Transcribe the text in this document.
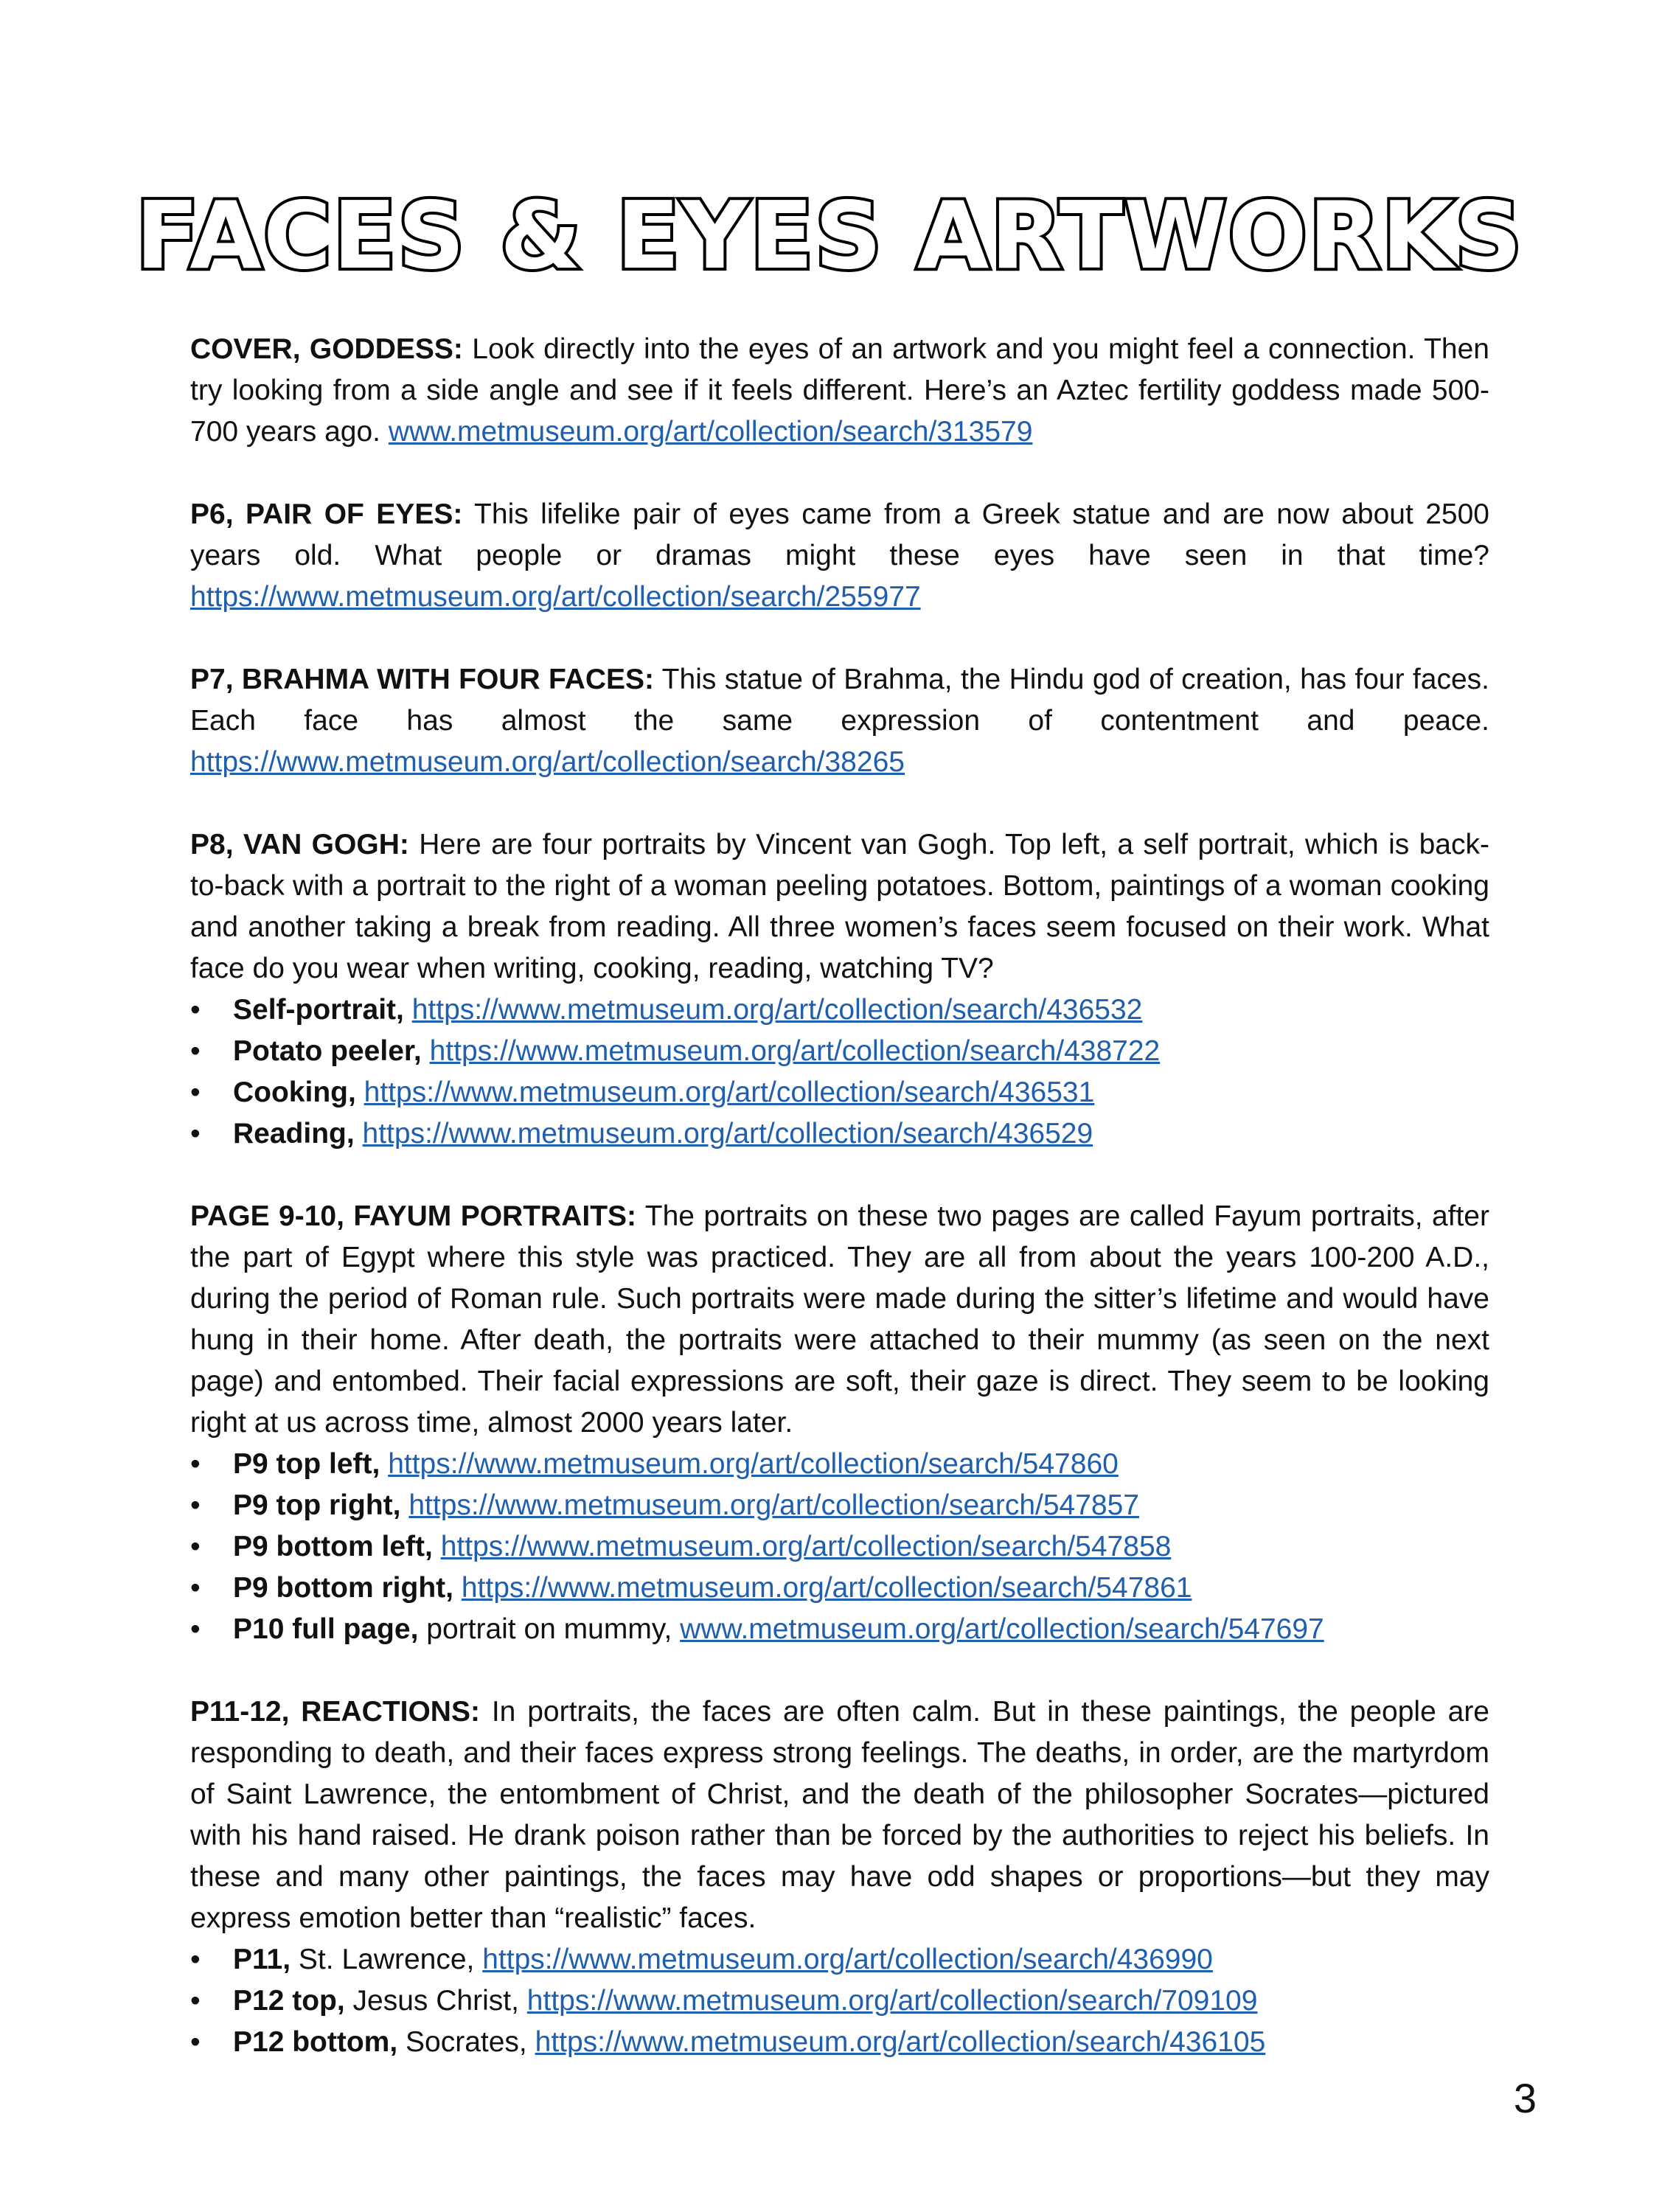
FACES & EYES ARTWORKS

COVER, GODDESS: Look directly into the eyes of an artwork and you might feel a connection. Then try looking from a side angle and see if it feels different. Here’s an Aztec fertility goddess made 500-700 years ago. www.metmuseum.org/art/collection/search/313579

P6, PAIR OF EYES: This lifelike pair of eyes came from a Greek statue and are now about 2500 years old. What people or dramas might these eyes have seen in that time? https://www.metmuseum.org/art/collection/search/255977

P7, BRAHMA WITH FOUR FACES: This statue of Brahma, the Hindu god of creation, has four faces. Each face has almost the same expression of contentment and peace. https://www.metmuseum.org/art/collection/search/38265

P8, VAN GOGH: Here are four portraits by Vincent van Gogh. Top left, a self portrait, which is back-to-back with a portrait to the right of a woman peeling potatoes. Bottom, paintings of a woman cooking and another taking a break from reading. All three women’s faces seem focused on their work. What face do you wear when writing, cooking, reading, watching TV?

• Self-portrait, https://www.metmuseum.org/art/collection/search/436532
• Potato peeler, https://www.metmuseum.org/art/collection/search/438722
• Cooking, https://www.metmuseum.org/art/collection/search/436531
• Reading, https://www.metmuseum.org/art/collection/search/436529

PAGE 9-10, FAYUM PORTRAITS: The portraits on these two pages are called Fayum portraits, after the part of Egypt where this style was practiced. They are all from about the years 100-200 A.D., during the period of Roman rule. Such portraits were made during the sitter’s lifetime and would have hung in their home. After death, the portraits were attached to their mummy (as seen on the next page) and entombed. Their facial expressions are soft, their gaze is direct. They seem to be looking right at us across time, almost 2000 years later.

• P9 top left, https://www.metmuseum.org/art/collection/search/547860
• P9 top right, https://www.metmuseum.org/art/collection/search/547857
• P9 bottom left, https://www.metmuseum.org/art/collection/search/547858
• P9 bottom right, https://www.metmuseum.org/art/collection/search/547861
• P10 full page, portrait on mummy, www.metmuseum.org/art/collection/search/547697

P11-12, REACTIONS: In portraits, the faces are often calm. But in these paintings, the people are responding to death, and their faces express strong feelings. The deaths, in order, are the martyrdom of Saint Lawrence, the entombment of Christ, and the death of the philosopher Socrates—pictured with his hand raised. He drank poison rather than be forced by the authorities to reject his beliefs. In these and many other paintings, the faces may have odd shapes or proportions—but they may express emotion better than “realistic” faces.

• P11, St. Lawrence, https://www.metmuseum.org/art/collection/search/436990
• P12 top, Jesus Christ, https://www.metmuseum.org/art/collection/search/709109
• P12 bottom, Socrates, https://www.metmuseum.org/art/collection/search/436105
3
